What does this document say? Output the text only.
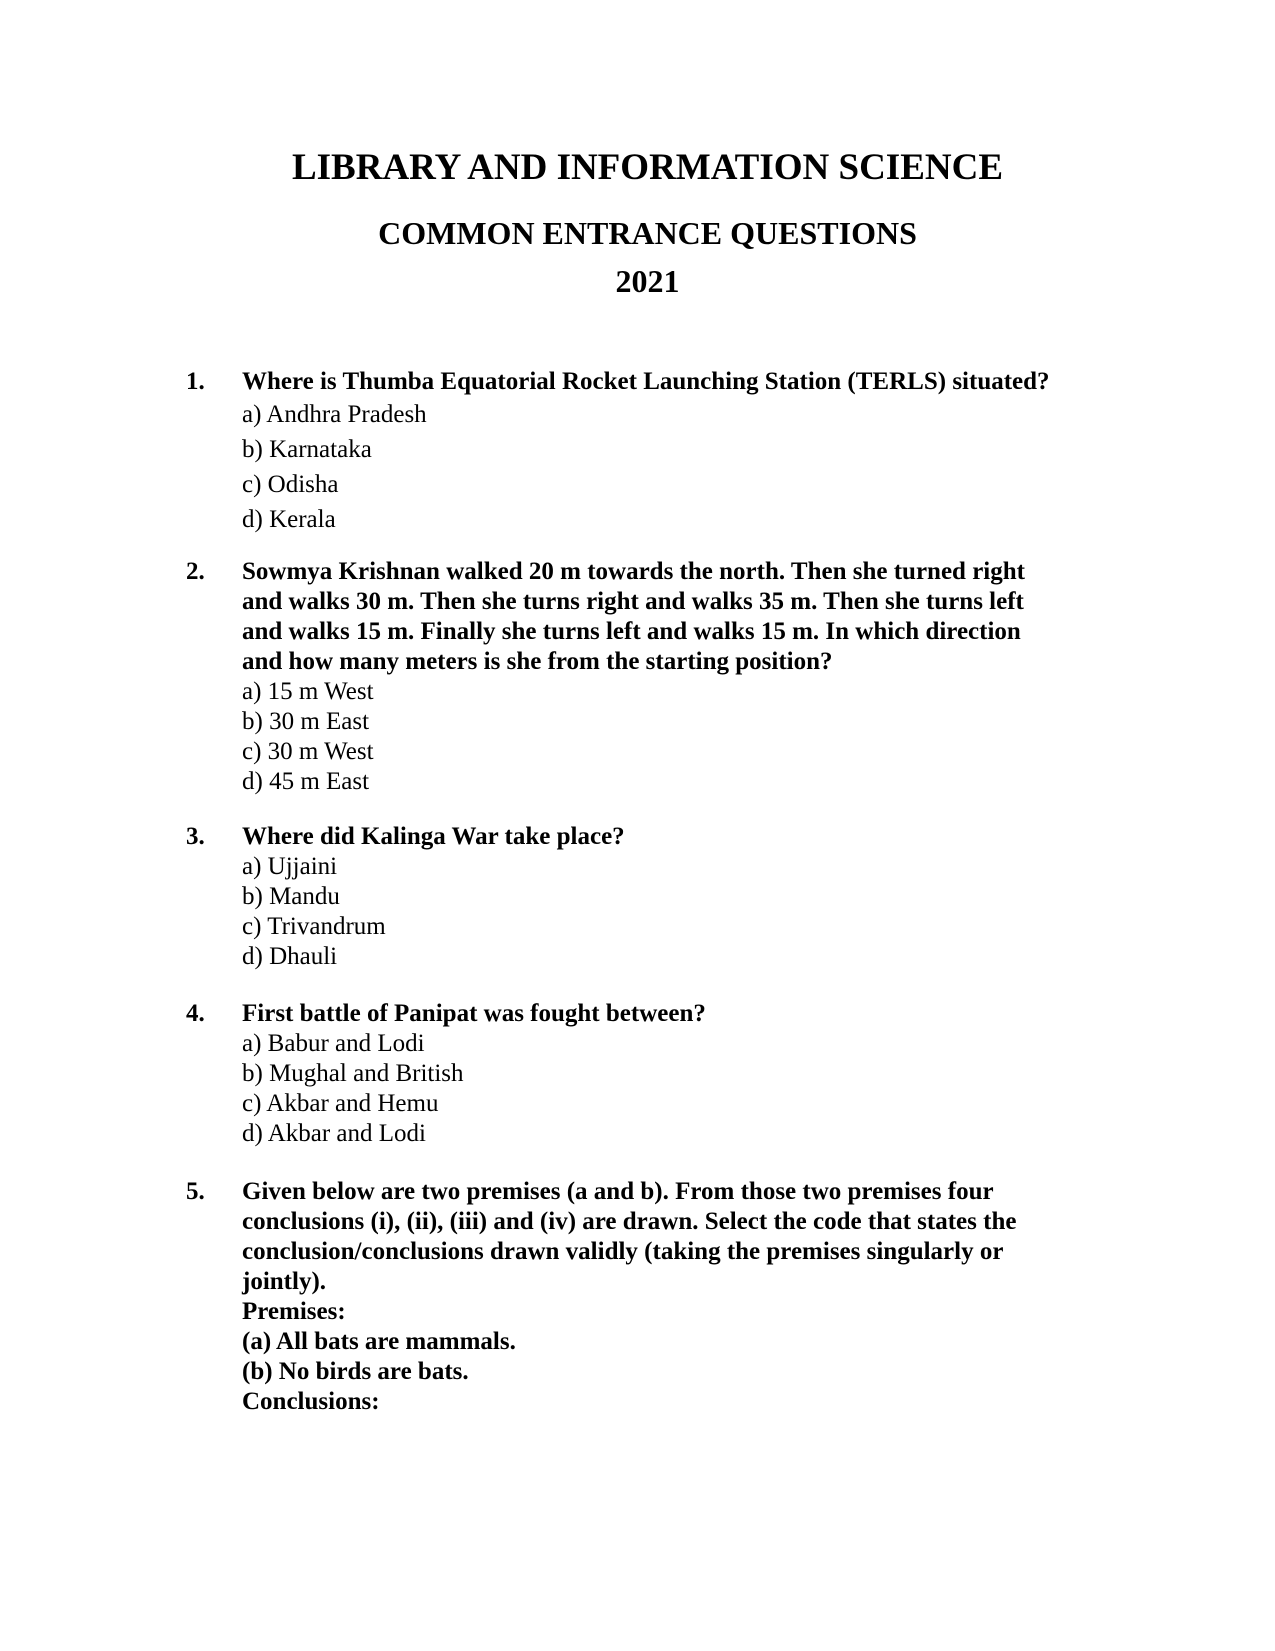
LIBRARY AND INFORMATION SCIENCE
COMMON ENTRANCE QUESTIONS
2021
1. Where is Thumba Equatorial Rocket Launching Station (TERLS) situated?
a) Andhra Pradesh
b) Karnataka
c) Odisha
d) Kerala
2. Sowmya Krishnan walked 20 m towards the north. Then she turned right
and walks 30 m. Then she turns right and walks 35 m. Then she turns left
and walks 15 m. Finally she turns left and walks 15 m. In which direction
and how many meters is she from the starting position?
a) 15 m West
b) 30 m East
c) 30 m West
d) 45 m East
3. Where did Kalinga War take place?
a) Ujjaini
b) Mandu
c) Trivandrum
d) Dhauli
4. First battle of Panipat was fought between?
a) Babur and Lodi
b) Mughal and British
c) Akbar and Hemu
d) Akbar and Lodi
5. Given below are two premises (a and b). From those two premises four
conclusions (i), (ii), (iii) and (iv) are drawn. Select the code that states the
conclusion/conclusions drawn validly (taking the premises singularly or
jointly).
Premises:
(a) All bats are mammals.
(b) No birds are bats.
Conclusions:
